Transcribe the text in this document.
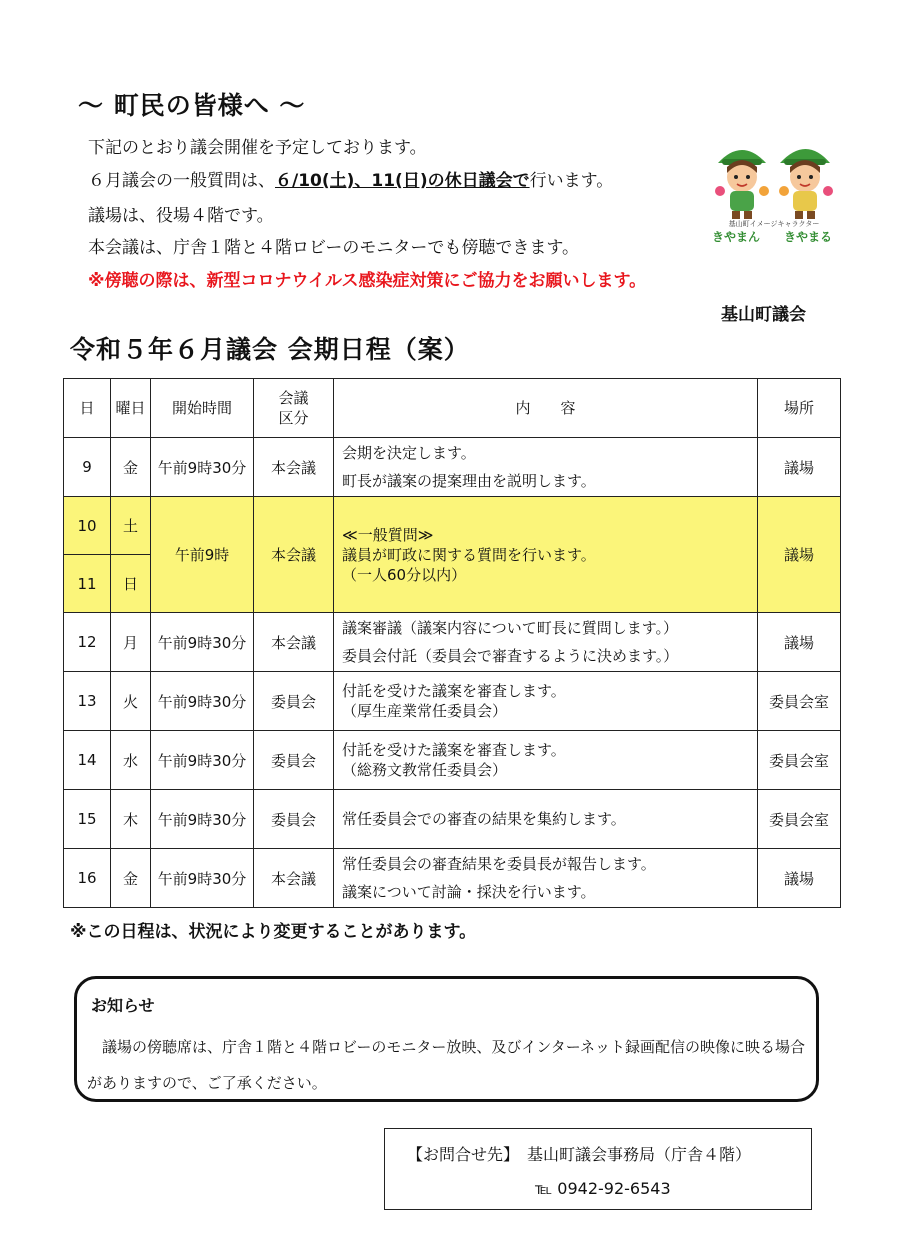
～ 町民の皆様へ ～
下記のとおり議会開催を予定しております。
６月議会の一般質問は、６/10(土)、11(日)の休日議会で行います。
議場は、役場４階です。
本会議は、庁舎１階と４階ロビーのモニターでも傍聴できます。
※傍聴の際は、新型コロナウイルス感染症対策にご協力をお願いします。
基山町イメージキャラクター
きやまん きやまる
基山町議会
令和５年６月議会 会期日程（案）
日	曜日	開始時間	会議
区分	内　　容	場所
9	金	午前9時30分	本会議	会期を決定します。
町長が議案の提案理由を説明します。	議場
10	土	午前9時	本会議	≪一般質問≫
議員が町政に関する質問を行います。
（一人60分以内）	議場
11	日				
12	月	午前9時30分	本会議	議案審議（議案内容について町長に質問します。）
委員会付託（委員会で審査するように決めます。）	議場
13	火	午前9時30分	委員会	付託を受けた議案を審査します。
（厚生産業常任委員会）	委員会室
14	水	午前9時30分	委員会	付託を受けた議案を審査します。
（総務文教常任委員会）	委員会室
15	木	午前9時30分	委員会	常任委員会での審査の結果を集約します。	委員会室
16	金	午前9時30分	本会議	常任委員会の審査結果を委員長が報告します。
議案について討論・採決を行います。	議場
※この日程は、状況により変更することがあります。
お知らせ
　議場の傍聴席は、庁舎１階と４階ロビーのモニター放映、及びインターネット録画配信の映像に映る場合がありますので、ご了承ください。
【お問合せ先】　 基山町議会事務局（庁舎４階）
℡ 0942-92-6543
